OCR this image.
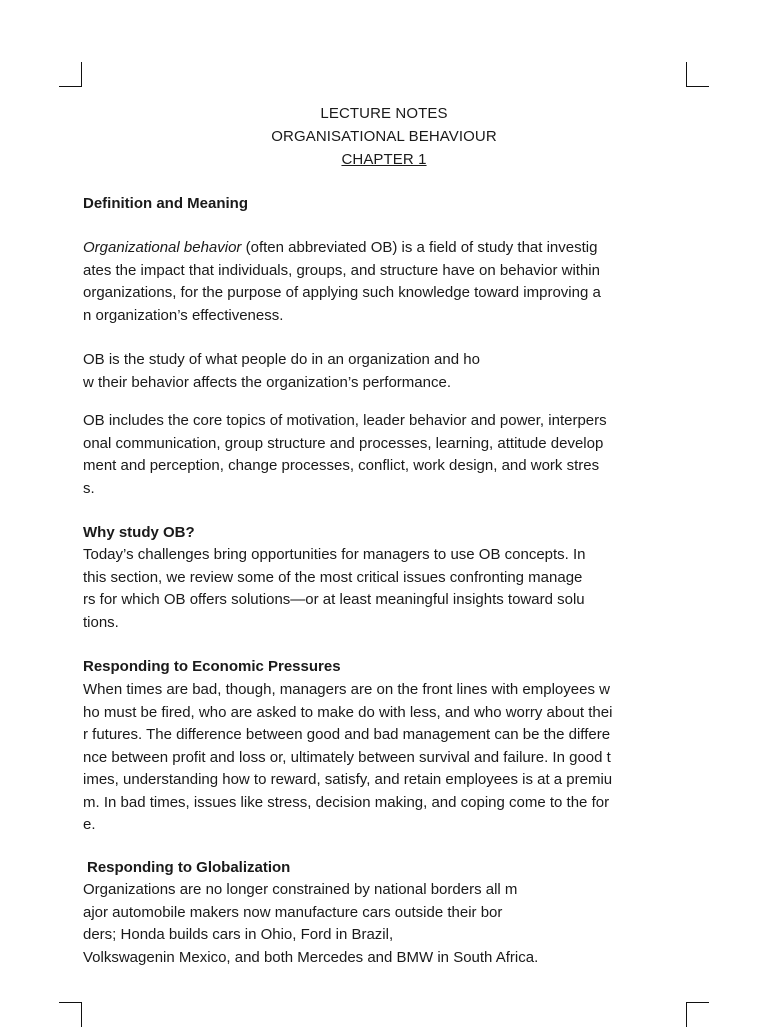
LECTURE NOTES
ORGANISATIONAL BEHAVIOUR
CHAPTER 1
Definition and Meaning
Organizational behavior (often abbreviated OB) is a field of study that investig
ates the impact that individuals, groups, and structure have on behavior within
organizations, for the purpose of applying such knowledge toward improving a
n organization’s effectiveness.
OB is the study of what people do in an organization and ho
w their behavior affects the organization’s performance.
OB includes the core topics of motivation, leader behavior and power, interpers
onal communication, group structure and processes, learning, attitude develop
ment and perception, change processes, conflict, work design, and work stres
s.
Why study OB?
Today’s challenges bring opportunities for managers to use OB concepts. In
this section, we review some of the most critical issues confronting manage
rs for which OB offers solutions—or at least meaningful insights toward solu
tions.
Responding to Economic Pressures
When times are bad, though, managers are on the front lines with employees w
ho must be fired, who are asked to make do with less, and who worry about thei
r futures. The difference between good and bad management can be the differe
nce between profit and loss or, ultimately between survival and failure. In good t
imes, understanding how to reward, satisfy, and retain employees is at a premiu
m. In bad times, issues like stress, decision making, and coping come to the for
e.
Responding to Globalization
Organizations are no longer constrained by national borders all m
ajor automobile makers now manufacture cars outside their bor
ders; Honda builds cars in Ohio, Ford in Brazil,
Volkswagenin Mexico, and both Mercedes and BMW in South Africa.
